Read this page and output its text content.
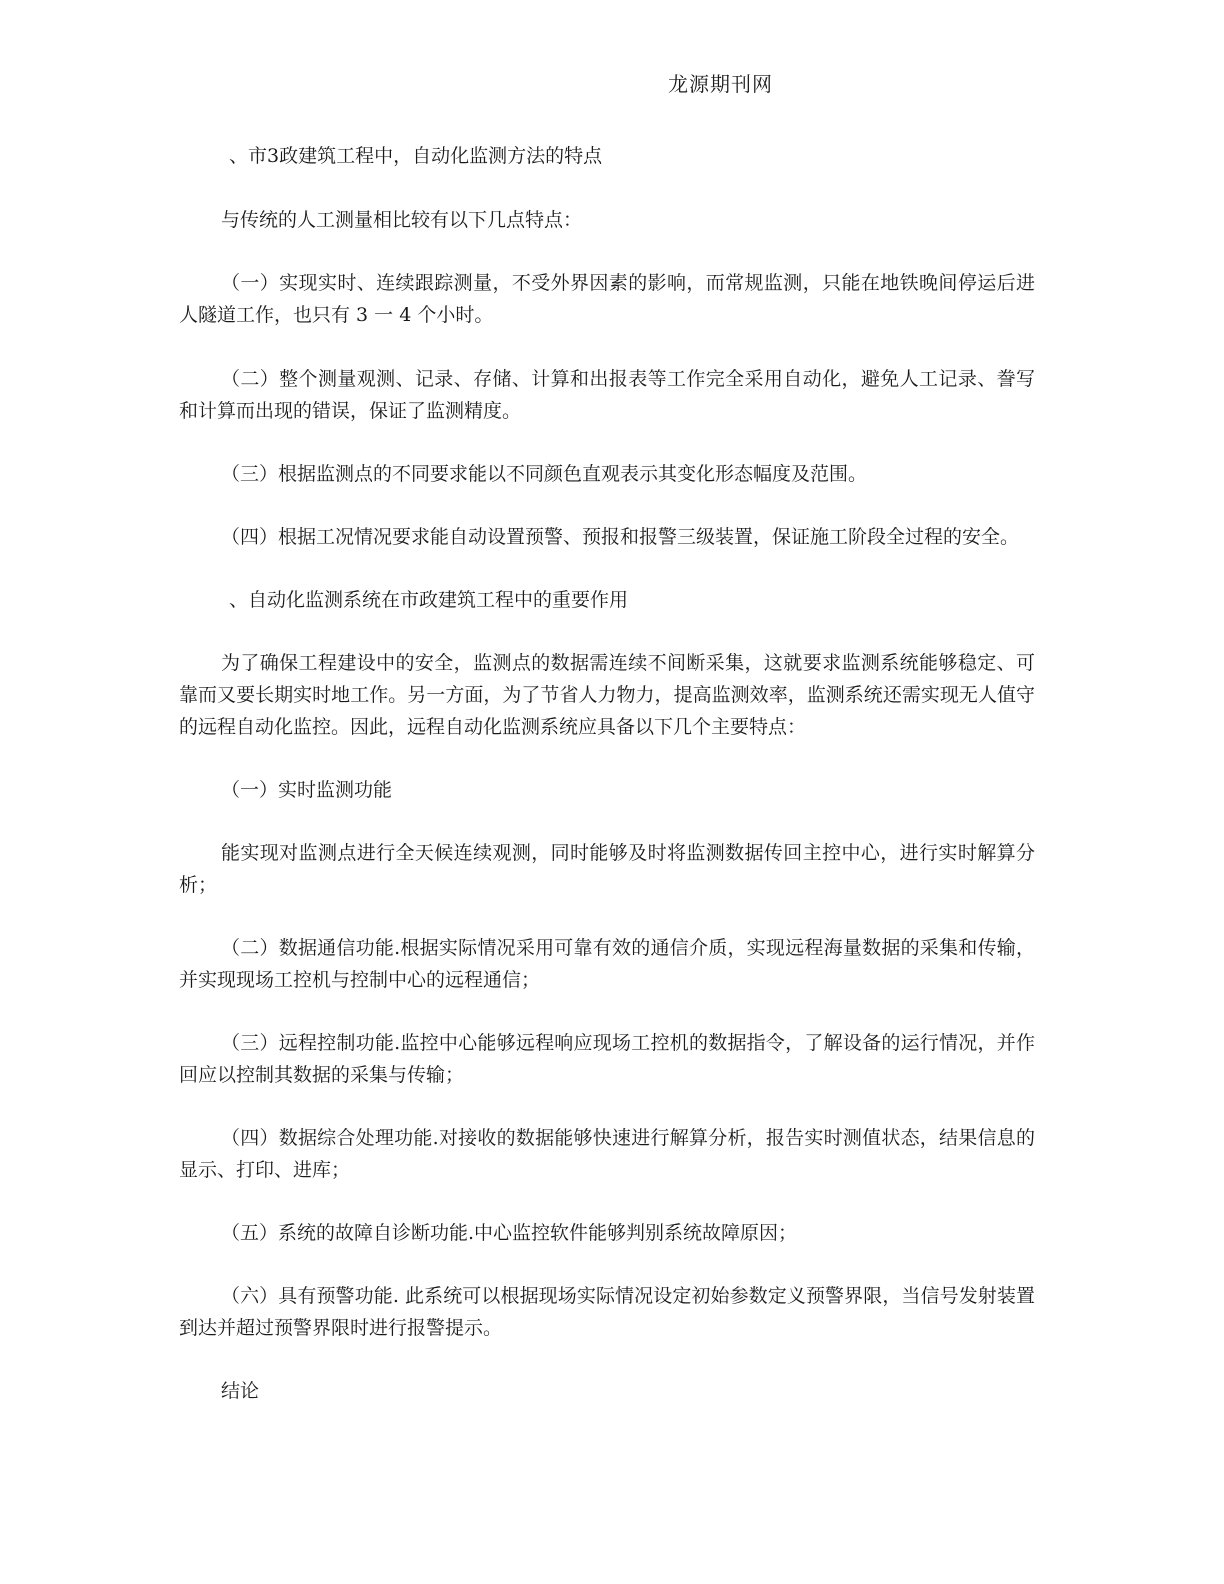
龙源期刊网

、市3政建筑工程中，自动化监测方法的特点

与传统的人工测量相比较有以下几点特点：

（一）实现实时、连续跟踪测量，不受外界因素的影响，而常规监测，只能在地铁晚间停运后进人隧道工作，也只有 3 一 4 个小时。

（二）整个测量观测、记录、存储、计算和出报表等工作完全采用自动化，避免人工记录、誊写和计算而出现的错误，保证了监测精度。

（三）根据监测点的不同要求能以不同颜色直观表示其变化形态幅度及范围。

（四）根据工况情况要求能自动设置预警、预报和报警三级装置，保证施工阶段全过程的安全。

、自动化监测系统在市政建筑工程中的重要作用

为了确保工程建设中的安全，监测点的数据需连续不间断采集，这就要求监测系统能够稳定、可靠而又要长期实时地工作。另一方面，为了节省人力物力，提高监测效率，监测系统还需实现无人值守的远程自动化监控。因此，远程自动化监测系统应具备以下几个主要特点：

（一）实时监测功能

能实现对监测点进行全天候连续观测，同时能够及时将监测数据传回主控中心，进行实时解算分析；

（二）数据通信功能.根据实际情况采用可靠有效的通信介质，实现远程海量数据的采集和传输，并实现现场工控机与控制中心的远程通信；

（三）远程控制功能.监控中心能够远程响应现场工控机的数据指令，了解设备的运行情况，并作回应以控制其数据的采集与传输；

（四）数据综合处理功能.对接收的数据能够快速进行解算分析，报告实时测值状态，结果信息的显示、打印、进库；

（五）系统的故障自诊断功能.中心监控软件能够判别系统故障原因；

（六）具有预警功能. 此系统可以根据现场实际情况设定初始参数定义预警界限，当信号发射装置到达并超过预警界限时进行报警提示。

结论
